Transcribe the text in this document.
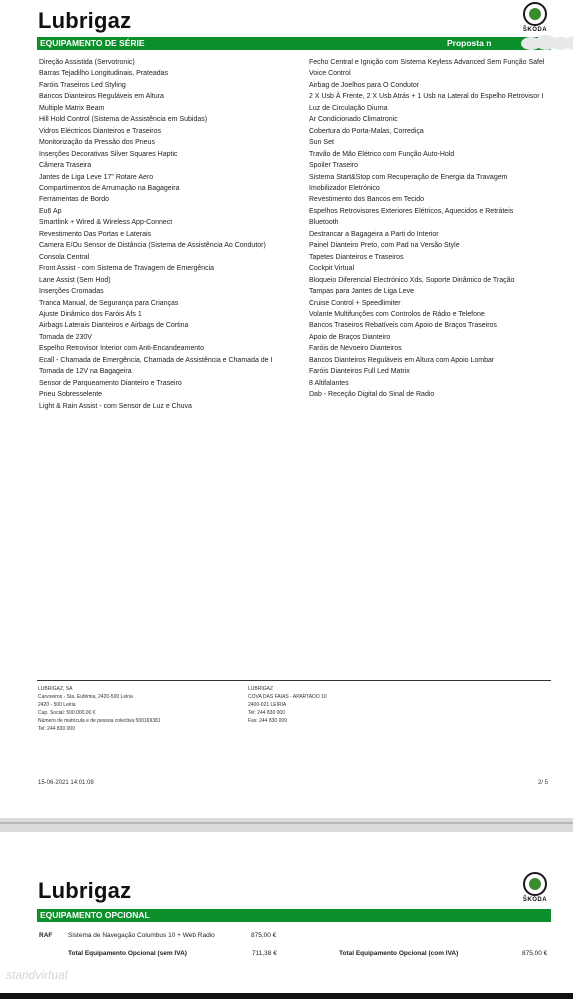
Lubrigaz	ŠKODA
EQUIPAMENTO DE SÉRIE	Proposta n
Direção Assistida (Servotronic)
Barras Tejadilho Longitudinais, Prateadas
Faróis Traseiros Led Styling
Bancos Dianteiros Reguláveis em Altura
Multiple Matrix Beam
Hill Hold Control (Sistema de Assistência em Subidas)
Vidros Eléctricos Dianteiros e Traseiros
Monitorização da Pressão dos Pneus
Inserções Decorativas Silver Squares Haptic
Câmera Traseira
Jantes de Liga Leve 17" Rotare Aero
Compartimentos de Arrumação na Bagageira
Ferramentas de Bordo
Eu6 Ap
Smartlink + Wired & Wireless App-Connect
Revestimento Das Portas e Laterais
Camera E/Ou Sensor de Distância (Sistema de Assistência Ao Condutor)
Consola Central
Front Assist - com Sistema de Travagem de Emergência
Lane Assist (Sem Hod)
Inserções Cromadas
Tranca Manual, de Segurança para Crianças
Ajuste Dinâmico dos Faróis Afs 1
Airbags Laterais Dianteiros e Airbags de Cortina
Tomada de 230V
Espelho Retrovisor Interior com Anti-Encandeamento
Ecall - Chamada de Emergência, Chamada de Assistência e Chamada de I
Tomada de 12V na Bagageira
Sensor de Parqueamento Dianteiro e Traseiro
Pneu Sobresselente
Light & Rain Assist - com Sensor de Luz e Chuva
Fecho Central e Ignição com Sistema Keyless Advanced Sem Função Safel
Voice Control
Airbag de Joelhos para O Condutor
2 X Usb À Frente, 2 X Usb Atrás + 1 Usb na Lateral do Espelho Retrovisor I
Luz de Circulação Diurna
Ar Condicionado Climatronic
Cobertura do Porta-Malas, Corrediça
Sun Set
Travão de Mão Elétrico com Função Auto-Hold
Spoiler Traseiro
Sistema Start&Stop com Recuperação de Energia da Travagem
Imobilizador Eletrónico
Revestimento dos Bancos em Tecido
Espelhos Retrovisores Exteriores Elétricos, Aquecidos e Retráteis
Bluetooth
Destrancar a Bagageira a Parti do Interior
Painel Dianteiro Preto, com Pad na Versão Style
Tapetes Dianteiros e Traseiros
Cockpit Virtual
Bloqueio Diferencial Electrónico Xds, Suporte Dinâmico de Tração
Tampas para Jantes de Liga Leve
Cruise Control + Speedlimiter
Volante Multifunções com Controlos de Rádio e Telefone
Bancos Traseiros Rebatíveis com Apoio de Braços Traseiros
Apoio de Braços Dianteiro
Faróis de Nevoeiro Dianteiros
Bancos Dianteiros Reguláveis em Altura com Apoio Lombar
Faróis Dianteiros Full Led Matrix
8 Altifalantes
Dab - Receção Digital do Sinal de Radio
LUBRIGAZ, SA
Carvoeiros - Sta. Eufémia, 2420-500 Leiria
2420 - 500 Leiria
Cap. Social: 500.000,00 €
Número de matrícula e de pessoa colectiva 500169381
Tel: 244 830 000
LUBRIGAZ
COVA DAS FAIAS - APARTADO 10
2400-021 LEIRIA
Tel: 244 830 000
Fax: 244 830 009
15-06-2021 14:01:08	2/ 5
Lubrigaz	ŠKODA
EQUIPAMENTO OPCIONAL
RAF Sistema de Navegação Columbus 10 + Web Radio	875,00 €
Total Equipamento Opcional (sem IVA)	711,38 €	Total Equipamento Opcional (com IVA)	875,00 €
standvirtual
